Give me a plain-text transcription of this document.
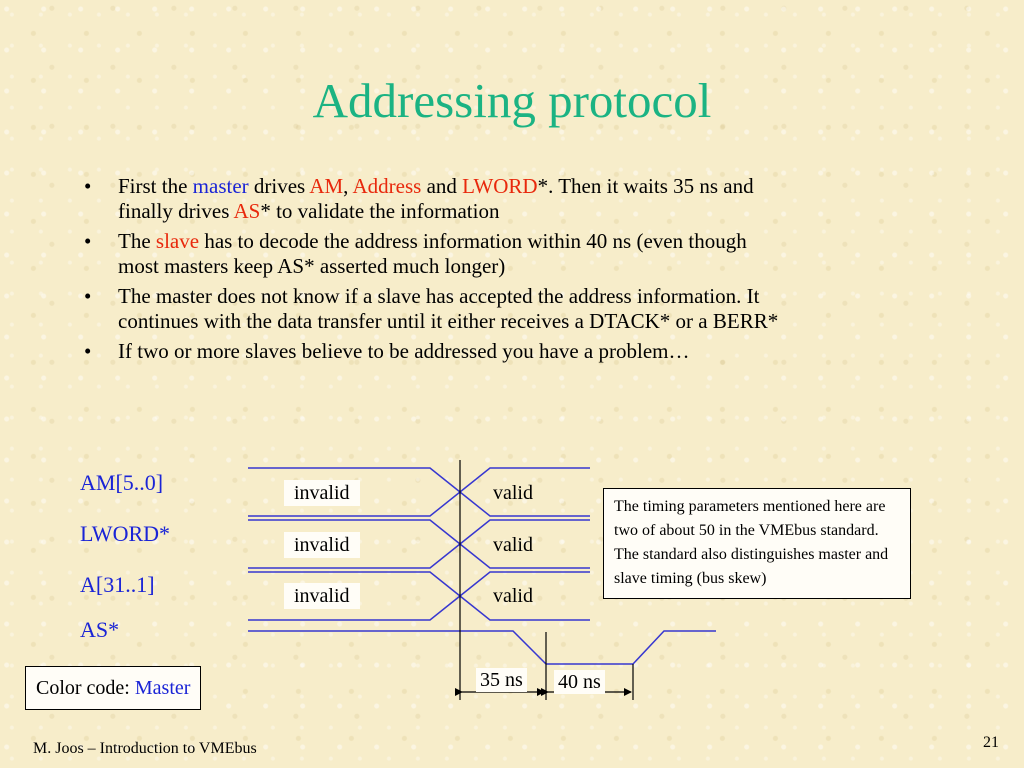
Addressing protocol
• First the master drives AM, Address and LWORD*. Then it waits 35 ns and
finally drives AS* to validate the information
• The slave has to decode the address information within 40 ns (even though
most masters keep AS* asserted much longer)
• The master does not know if a slave has accepted the address information. It
continues with the data transfer until it either receives a DTACK* or a BERR*
• If two or more slaves believe to be addressed you have a problem…
AM[5..0]
LWORD*
A[31..1]
AS*
invalid
invalid
invalid
valid
valid
valid
35 ns 40 ns
The timing parameters mentioned here are two of about 50 in the VMEbus standard. The standard also distinguishes master and slave timing (bus skew)
Color code: Master
M. Joos – Introduction to VMEbus	21
